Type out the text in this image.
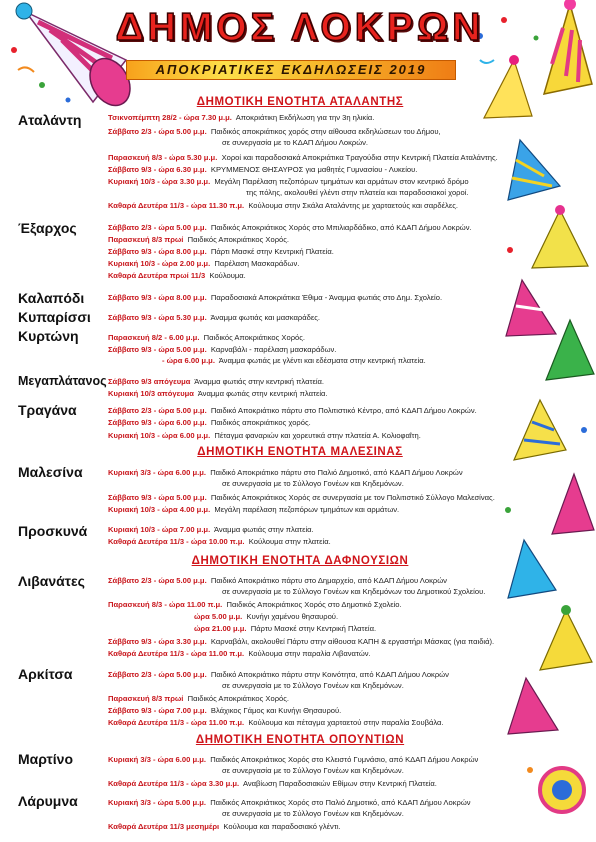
ΔΗΜΟΣ ΛΟΚΡΩΝ
ΑΠΟΚΡΙΑΤΙΚΕΣ ΕΚΔΗΛΩΣΕΙΣ 2019
ΔΗΜΟΤΙΚΗ ΕΝΟΤΗΤΑ ΑΤΑΛΑΝΤΗΣ
Αταλάντη	Τσικνοπέμπτη 28/2 - ώρα 7.30 μ.μ. Αποκριάτικη Εκδήλωση για την 3η ηλικία.
Σάββατο 2/3 - ώρα 5.00 μ.μ. Παιδικός αποκριάτικος χορός στην αίθουσα εκδηλώσεων του Δήμου,
σε συνεργασία με το ΚΔΑΠ Δήμου Λοκρών.
Παρασκευή 8/3 - ώρα 5.30 μ.μ. Χοροί και παραδοσιακά Αποκριάτικα Τραγούδια στην Κεντρική Πλατεία Αταλάντης.
Σάββατο 9/3 - ώρα 6.30 μ.μ. ΚΡΥΜΜΕΝΟΣ ΘΗΣΑΥΡΟΣ για μαθητές Γυμνασίου - Λυκείου.
Κυριακή 10/3 - ώρα 3.30 μ.μ. Μεγάλη Παρέλαση πεζοπόρων τμημάτων και αρμάτων στον κεντρικό δρόμο
της πόλης, ακολουθεί γλέντι στην πλατεία και παραδοσιακοί χοροί.
Καθαρά Δευτέρα 11/3 - ώρα 11.30 π.μ. Κούλουμα στην Σκάλα Αταλάντης με χαρταετούς και σαρδέλες.
Έξαρχος	Σάββατο 2/3 - ώρα 5.00 μ.μ. Παιδικός Αποκριάτικος Χορός στο Μπιλιαρδάδικο, από ΚΔΑΠ Δήμου Λοκρών.
Παρασκευή 8/3 πρωί Παιδικός Αποκριάτικος Χορός.
Σάββατο 9/3 - ώρα 8.00 μ.μ. Πάρτι Μασκέ στην Κεντρική Πλατεία.
Κυριακή 10/3 - ώρα 2.00 μ.μ. Παρέλαση Μασκαράδων.
Καθαρά Δευτέρα πρωί 11/3 Κούλουμα.
Καλαπόδι	Σάββατο 9/3 - ώρα 8.00 μ.μ. Παραδοσιακά Αποκριάτικα Έθιμα - Άναμμα φωτιάς στο Δημ. Σχολείο.
Κυπαρίσσι Σάββατο 9/3 - ώρα 5.30 μ.μ. Άναμμα φωτιάς και μασκαράδες.
Κυρτώνη	Παρασκευή 8/2 - 6.00 μ.μ. Παιδικός Αποκριάτικος Χορός.
Σάββατο 9/3 - ώρα 5.00 μ.μ. Καρναβάλι - παρέλαση μασκαράδων.
- ώρα 6.00 μ.μ. Άναμμα φωτιάς με γλέντι και εδέσματα στην κεντρική πλατεία.
Μεγαπλάτανος Σάββατο 9/3 απόγευμα Άναμμα φωτιάς στην κεντρική πλατεία.
Κυριακή 10/3 απόγευμα Άναμμα φωτιάς στην κεντρική πλατεία.
Τραγάνα	Σάββατο 2/3 - ώρα 5.00 μ.μ. Παιδικό Αποκριάτικο πάρτυ στο Πολιτιστικό Κέντρο, από ΚΔΑΠ Δήμου Λοκρών.
Σάββατο 9/3 - ώρα 6.00 μ.μ. Παιδικός αποκριάτικος χορός.
Κυριακή 10/3 - ώρα 6.00 μ.μ. Πέταγμα φαναριών και χορευτικά στην πλατεία Α. Κολιοφαΐτη.
ΔΗΜΟΤΙΚΗ ΕΝΟΤΗΤΑ ΜΑΛΕΣΙΝΑΣ
Μαλεσίνα	Κυριακή 3/3 - ώρα 6.00 μ.μ. Παιδικό Αποκριάτικο πάρτυ στο Παλιό Δημοτικό, από ΚΔΑΠ Δήμου Λοκρών
σε συνεργασία με το Σύλλογο Γονέων και Κηδεμόνων.
Σάββατο 9/3 - ώρα 5.00 μ.μ. Παιδικός Αποκριάτικος Χορός σε συνεργασία με τον Πολιτιστικό Σύλλογο Μαλεσίνας.
Κυριακή 10/3 - ώρα 4.00 μ.μ. Μεγάλη παρέλαση πεζοπόρων τμημάτων και αρμάτων.
Προσκυνά	Κυριακή 10/3 - ώρα 7.00 μ.μ. Άναμμα φωτιάς στην πλατεία.
Καθαρά Δευτέρα 11/3 - ώρα 10.00 π.μ. Κούλουμα στην πλατεία.
ΔΗΜΟΤΙΚΗ ΕΝΟΤΗΤΑ ΔΑΦΝΟΥΣΙΩΝ
Λιβανάτες	Σάββατο 2/3 - ώρα 5.00 μ.μ. Παιδικό Αποκριάτικο πάρτυ στο Δημαρχείο, από ΚΔΑΠ Δήμου Λοκρών
σε συνεργασία με το Σύλλογο Γονέων και Κηδεμόνων του Δημοτικού Σχολείου.
Παρασκευή 8/3 - ώρα 11.00 π.μ. Παιδικός Αποκριάτικος Χορός στο Δημοτικό Σχολείο.
ώρα 5.00 μ.μ. Κυνήγι χαμένου θησαυρού.
ώρα 21.00 μ.μ. Πάρτυ Μασκέ στην Κεντρική Πλατεία.
Σάββατο 9/3 - ώρα 3.30 μ.μ. Καρναβάλι, ακολουθεί Πάρτυ στην αίθουσα ΚΑΠΗ & εργαστήρι Μάσκας (για παιδιά).
Καθαρά Δευτέρα 11/3 - ώρα 11.00 π.μ. Κούλουμα στην παραλία Λιβανατών.
Αρκίτσα	Σάββατο 2/3 - ώρα 5.00 μ.μ. Παιδικό Αποκριάτικο πάρτυ στην Κοινότητα, από ΚΔΑΠ Δήμου Λοκρών
σε συνεργασία με το Σύλλογο Γονέων και Κηδεμόνων.
Παρασκευή 8/3 πρωί Παιδικός Αποκριάτικος Χορός.
Σάββατο 9/3 - ώρα 7.00 μ.μ. Βλάχικος Γάμος και Κυνήγι Θησαυρού.
Καθαρά Δευτέρα 11/3 - ώρα 11.00 π.μ. Κούλουμα και πέταγμα χαρταετού στην παραλία Σουβάλα.
ΔΗΜΟΤΙΚΗ ΕΝΟΤΗΤΑ ΟΠΟΥΝΤΙΩΝ
Μαρτίνο	Κυριακή 3/3 - ώρα 6.00 μ.μ. Παιδικός Αποκριάτικος Χορός στο Κλειστό Γυμνάσιο, από ΚΔΑΠ Δήμου Λοκρών
σε συνεργασία με το Σύλλογο Γονέων και Κηδεμόνων.
Καθαρά Δευτέρα 11/3 - ώρα 3.30 μ.μ. Αναβίωση Παραδοσιακών Εθίμων στην Κεντρική Πλατεία.
Λάρυμνα	Κυριακή 3/3 - ώρα 5.00 μ.μ. Παιδικός Αποκριάτικος Χορός στο Παλιό Δημοτικό, από ΚΔΑΠ Δήμου Λοκρών
σε συνεργασία με το Σύλλογο Γονέων και Κηδεμόνων.
Καθαρά Δευτέρα 11/3 μεσημέρι Κούλουμα και παραδοσιακό γλέντι.
